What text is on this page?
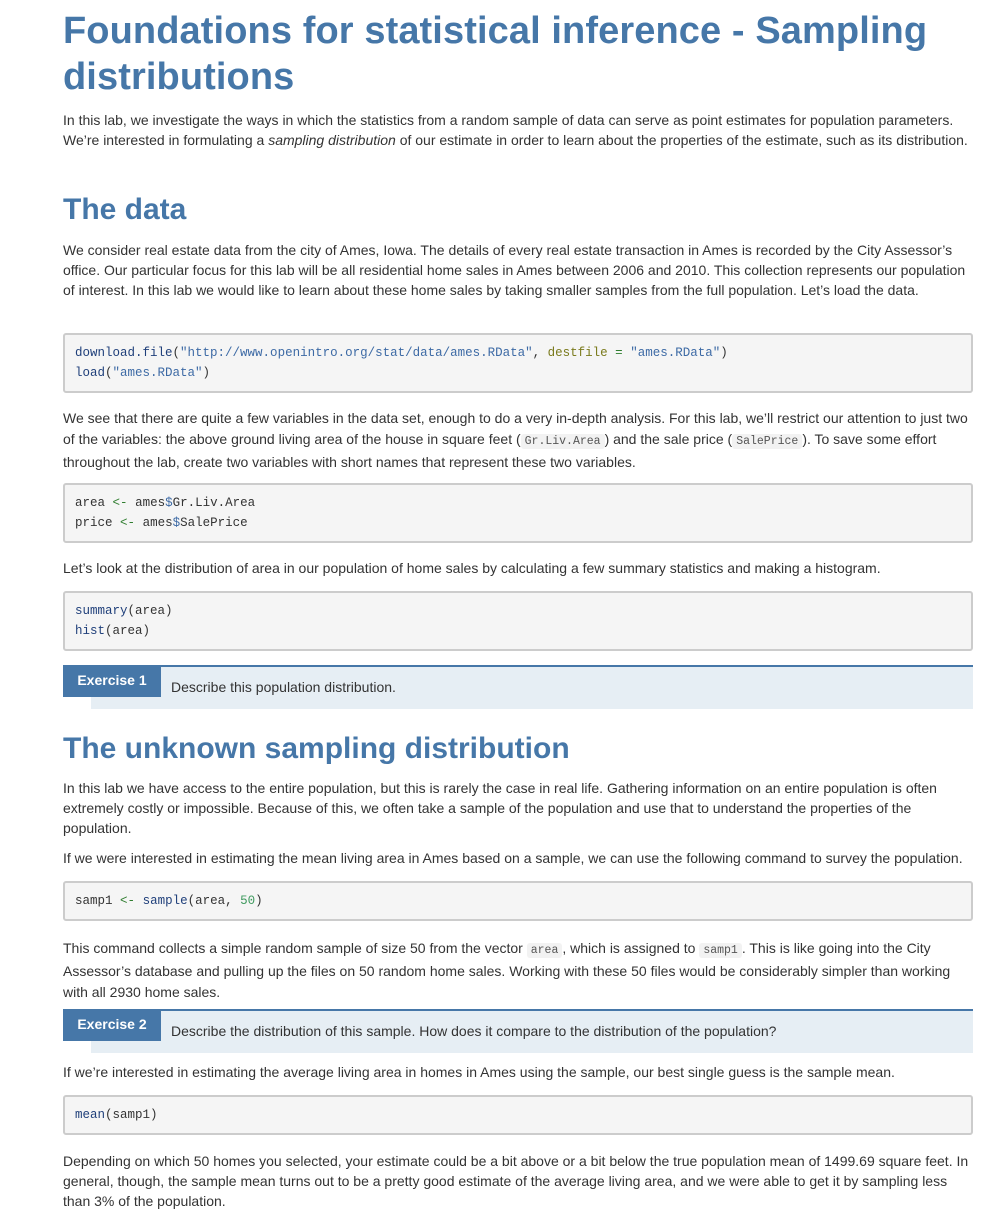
Foundations for statistical inference - Sampling distributions

In this lab, we investigate the ways in which the statistics from a random sample of data can serve as point estimates for population parameters. We’re interested in formulating a sampling distribution of our estimate in order to learn about the properties of the estimate, such as its distribution.

The data

We consider real estate data from the city of Ames, Iowa. The details of every real estate transaction in Ames is recorded by the City Assessor’s office. Our particular focus for this lab will be all residential home sales in Ames between 2006 and 2010. This collection represents our population of interest. In this lab we would like to learn about these home sales by taking smaller samples from the full population. Let’s load the data.

download.file("http://www.openintro.org/stat/data/ames.RData", destfile = "ames.RData")
load("ames.RData")

We see that there are quite a few variables in the data set, enough to do a very in-depth analysis. For this lab, we’ll restrict our attention to just two of the variables: the above ground living area of the house in square feet ( Gr.Liv.Area ) and the sale price ( SalePrice ). To save some effort throughout the lab, create two variables with short names that represent these two variables.

area <- ames$Gr.Liv.Area
price <- ames$SalePrice

Let’s look at the distribution of area in our population of home sales by calculating a few summary statistics and making a histogram.

summary(area)
hist(area)
Exercise 1	Describe this population distribution.
The unknown sampling distribution

In this lab we have access to the entire population, but this is rarely the case in real life. Gathering information on an entire population is often extremely costly or impossible. Because of this, we often take a sample of the population and use that to understand the properties of the population.

If we were interested in estimating the mean living area in Ames based on a sample, we can use the following command to survey the population.

samp1 <- sample(area, 50)

This command collects a simple random sample of size 50 from the vector area , which is assigned to samp1 . This is like going into the City Assessor’s database and pulling up the files on 50 random home sales. Working with these 50 files would be considerably simpler than working with all 2930 home sales.

Exercise 2	Describe the distribution of this sample. How does it compare to the distribution of the population?

If we’re interested in estimating the average living area in homes in Ames using the sample, our best single guess is the sample mean.

mean(samp1)

Depending on which 50 homes you selected, your estimate could be a bit above or a bit below the true population mean of 1499.69 square feet. In general, though, the sample mean turns out to be a pretty good estimate of the average living area, and we were able to get it by sampling less than 3% of the population.
